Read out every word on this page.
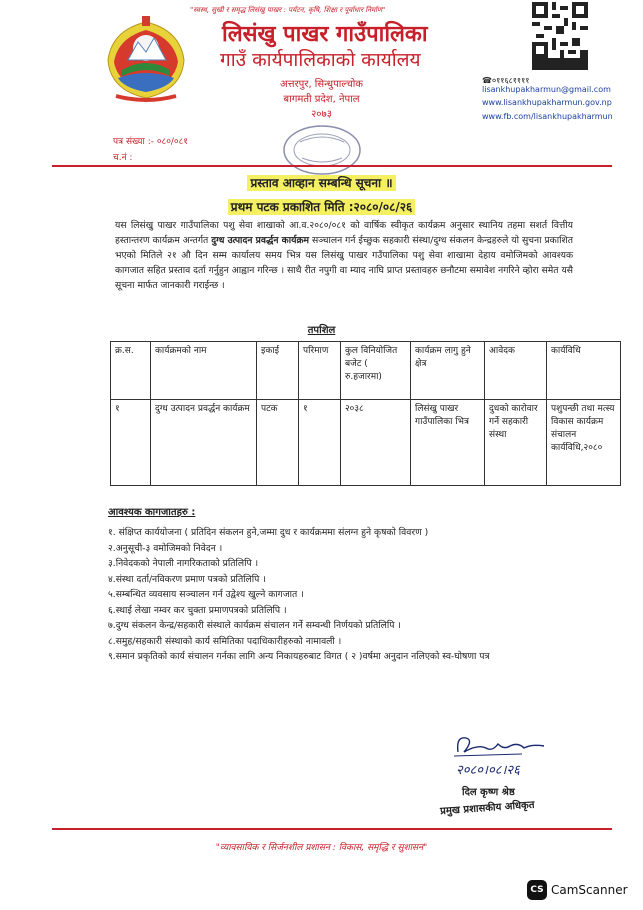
"स्वस्थ, सुखी र समृद्ध लिसंखु पाखर : पर्यटन, कृषि, शिक्षा र पूर्वाधार निर्माण"
लिसंखु पाखर गाउँपालिका
गाउँ कार्यपालिकाको कार्यालय
अत्तरपुर, सिन्धुपाल्चोक
बागमती प्रदेश, नेपाल
२०७३
☎०११६८११११
lisankhupakharmun@gmail.com
www.lisankhupakharmun.gov.np
www.fb.com/lisankhupakharmun
पत्र संख्या :- ०८०/०८१
च.नं :
प्रस्ताव आव्हान सम्बन्धि सूचना ॥
प्रथम पटक प्रकाशित मिति :२०८०/०८/२६
यस लिसंखु पाखर गाउँपालिका पशु सेवा शाखाको आ.व.२०८०/०८१ को वार्षिक स्वीकृत कार्यक्रम अनुसार स्थानिय तहमा सशर्त वित्तीय हस्तान्तरण कार्यक्रम अन्तर्गत दुग्ध उत्पादन प्रवर्द्धन कार्यक्रम सञ्चालन गर्न ईच्छुक सहकारी संस्था/दुग्ध संकलन केन्द्रहरुले यो सुचना प्रकाशित भएको मितिले २१ औ दिन सम्म कार्यालय समय भित्र यस लिसंखु पाखर गउँपालिका पशु सेवा शाखामा देहाय वमोजिमको आवश्यक कागजात सहित प्रस्ताव दर्ता गर्नुहुन आह्वान गरिन्छ । साथै रीत नपुगी वा म्याद नाघि प्राप्त प्रस्तावहरु छनौटमा समावेश नगरिने व्होरा समेत यसै सूचना मार्फत जानकारी गराईन्छ ।
तपशिल
क्र.स.	कार्यक्रमको नाम	इकाई	परिमाण	कुल विनियोजित बजेट ( रु.हजारमा)	कार्यक्रम लागु हुने क्षेत्र	आवेदक	कार्यविधि
१	दुग्ध उत्पादन प्रवर्द्धन कार्यक्रम	पटक	१	२०३८	लिसंखु पाखर गाउँपालिका भित्र	दुधको कारोवार गर्ने सहकारी संस्था	पशुपन्छी तथा मत्स्य विकास कार्यक्रम संचालन कार्यविधि,२०८०
आवश्यक कागजातहरु :
१. संक्षिप्त कार्ययोजना ( प्रतिदिन संकलन हुने,जम्मा दुध र कार्यक्रममा संलग्न हुने कृषको विवरण )
२.अनुसूची-३ वमोजिमको निवेदन ।
३.निवेदकको नेपाली नागरिकताको प्रतिलिपि ।
४.संस्था दर्ता/नविकरण प्रमाण पत्रको प्रतिलिपि ।
५.सम्बन्धित व्यवसाय सञ्चालन गर्न उद्वेश्य खुल्ने कागजात ।
६.स्थाई लेखा नम्वर कर चुक्ता प्रमाणपत्रको प्रतिलिपि ।
७.दुग्ध संकलन केन्द्र/सहकारी संस्थाले कार्यक्रम संचालन गर्ने सम्वन्धी निर्णयको प्रतिलिपि ।
८.समुह/सहकारी संस्थाको कार्य समितिका पदाधिकारीहरुको नामावली ।
९.समान प्रकृतिको कार्य संचालन गर्नका लागि अन्य निकायहरुबाट विगत ( २ )वर्षमा अनुदान नलिएको स्व-घोषणा पत्र
२०८०।०८।२६
दिल कृष्ण श्रेष्ठ
प्रमुख प्रशासकीय अधिकृत
"व्यावसायिक र सिर्जनशील प्रशासन : विकास, समृद्धि र सुशासन"
CS CamScanner
